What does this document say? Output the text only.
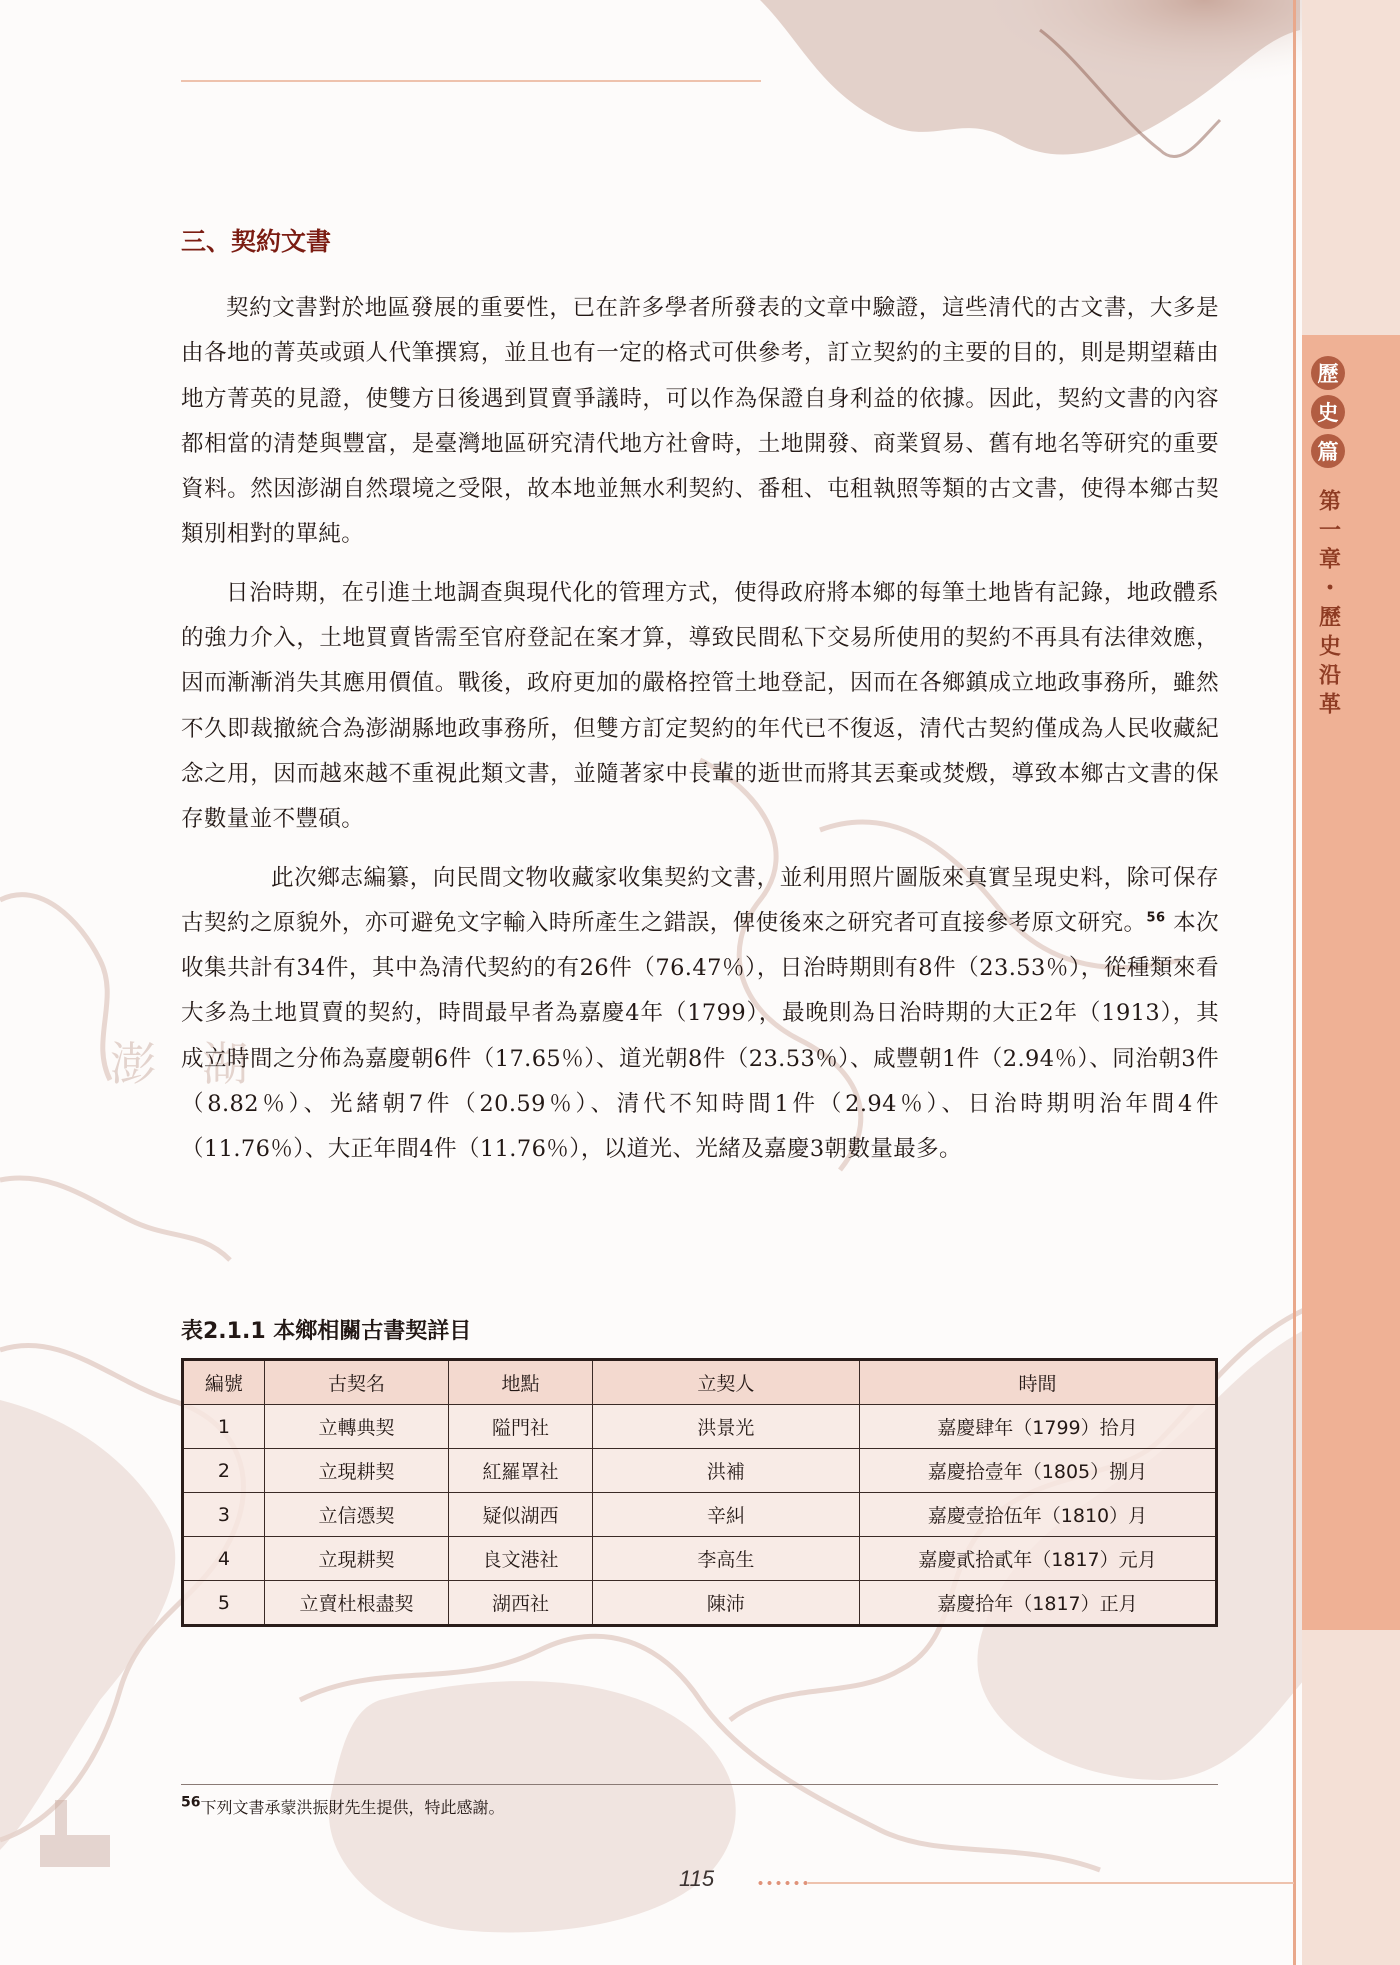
澎　湖
歷
史
篇
第一章・歷史沿革
三、契約文書

契約文書對於地區發展的重要性，已在許多學者所發表的文章中驗證，這些清代的古文書，大多是由各地的菁英或頭人代筆撰寫，並且也有一定的格式可供參考，訂立契約的主要的目的，則是期望藉由地方菁英的見證，使雙方日後遇到買賣爭議時，可以作為保證自身利益的依據。因此，契約文書的內容都相當的清楚與豐富，是臺灣地區研究清代地方社會時，土地開發、商業貿易、舊有地名等研究的重要資料。然因澎湖自然環境之受限，故本地並無水利契約、番租、屯租執照等類的古文書，使得本鄉古契類別相對的單純。

日治時期，在引進土地調查與現代化的管理方式，使得政府將本鄉的每筆土地皆有記錄，地政體系的強力介入，土地買賣皆需至官府登記在案才算，導致民間私下交易所使用的契約不再具有法律效應，因而漸漸消失其應用價值。戰後，政府更加的嚴格控管土地登記，因而在各鄉鎮成立地政事務所，雖然不久即裁撤統合為澎湖縣地政事務所，但雙方訂定契約的年代已不復返，清代古契約僅成為人民收藏紀念之用，因而越來越不重視此類文書，並隨著家中長輩的逝世而將其丟棄或焚燬，導致本鄉古文書的保存數量並不豐碩。

此次鄉志編纂，向民間文物收藏家收集契約文書，並利用照片圖版來真實呈現史料，除可保存古契約之原貌外，亦可避免文字輸入時所產生之錯誤，俾使後來之研究者可直接參考原文研究。$^{56}$ 本次收集共計有34件，其中為清代契約的有26件（76.47％），日治時期則有8件（23.53％），從種類來看大多為土地買賣的契約，時間最早者為嘉慶4年（1799），最晚則為日治時期的大正2年（1913），其成立時間之分佈為嘉慶朝6件（17.65％）、道光朝8件（23.53％）、咸豐朝1件（2.94％）、同治朝3件（8.82％）、光緒朝7件（20.59％）、清代不知時間1件（2.94％）、日治時期明治年間4件（11.76％）、大正年間4件（11.76％），以道光、光緒及嘉慶3朝數量最多。

表2.1.1 本鄉相關古書契詳目
編號	古契名	地點	立契人	時間
1	立轉典契	隘門社	洪景光	嘉慶肆年（1799）拾月
2	立現耕契	紅羅罩社	洪補	嘉慶拾壹年（1805）捌月
3	立信憑契	疑似湖西	辛糾	嘉慶壹拾伍年（1810）月
4	立現耕契	良文港社	李高生	嘉慶貳拾貳年（1817）元月
5	立賣杜根盡契	湖西社	陳沛	嘉慶拾年（1817）正月

56下列文書承蒙洪振財先生提供，特此感謝。

115
